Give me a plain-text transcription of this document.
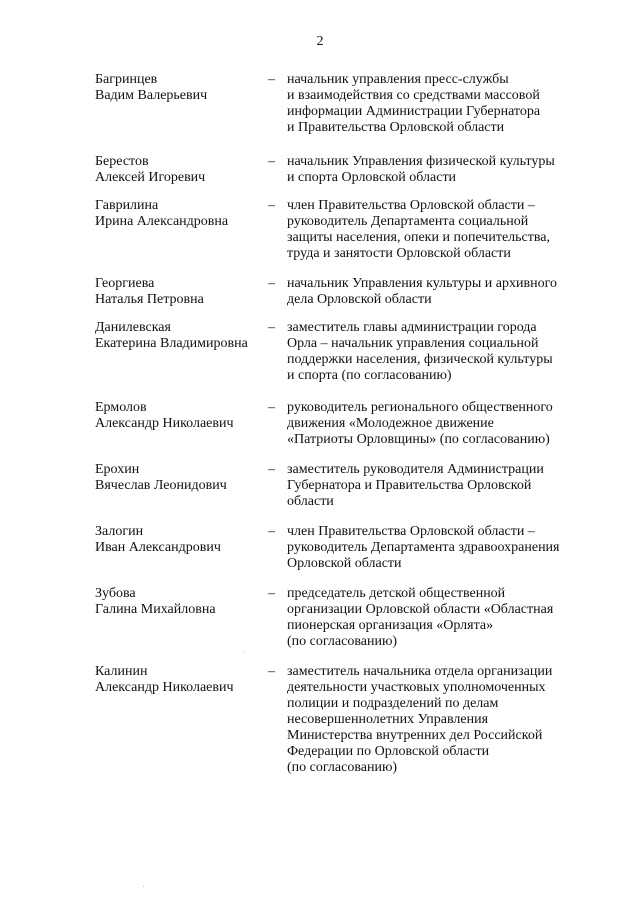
2
Багринцев
Вадим Валерьевич
– начальник управления пресс-службы
и взаимодействия со средствами массовой
информации Администрации Губернатора
и Правительства Орловской области
Берестов
Алексей Игоревич
– начальник Управления физической культуры
и спорта Орловской области
Гаврилина
Ирина Александровна
– член Правительства Орловской области –
руководитель Департамента социальной
защиты населения, опеки и попечительства,
труда и занятости Орловской области
Георгиева
Наталья Петровна
– начальник Управления культуры и архивного
дела Орловской области
Данилевская
Екатерина Владимировна
– заместитель главы администрации города
Орла – начальник управления социальной
поддержки населения, физической культуры
и спорта (по согласованию)
Ермолов
Александр Николаевич
– руководитель регионального общественного
движения «Молодежное движение
«Патриоты Орловщины» (по согласованию)
Ерохин
Вячеслав Леонидович
– заместитель руководителя Администрации
Губернатора и Правительства Орловской
области
Залогин
Иван Александрович
– член Правительства Орловской области –
руководитель Департамента здравоохранения
Орловской области
Зубова
Галина Михайловна
– председатель детской общественной
организации Орловской области «Областная
пионерская организация «Орлята»
(по согласованию)
Калинин
Александр Николаевич
– заместитель начальника отдела организации
деятельности участковых уполномоченных
полиции и подразделений по делам
несовершеннолетних Управления
Министерства внутренних дел Российской
Федерации по Орловской области
(по согласованию)
